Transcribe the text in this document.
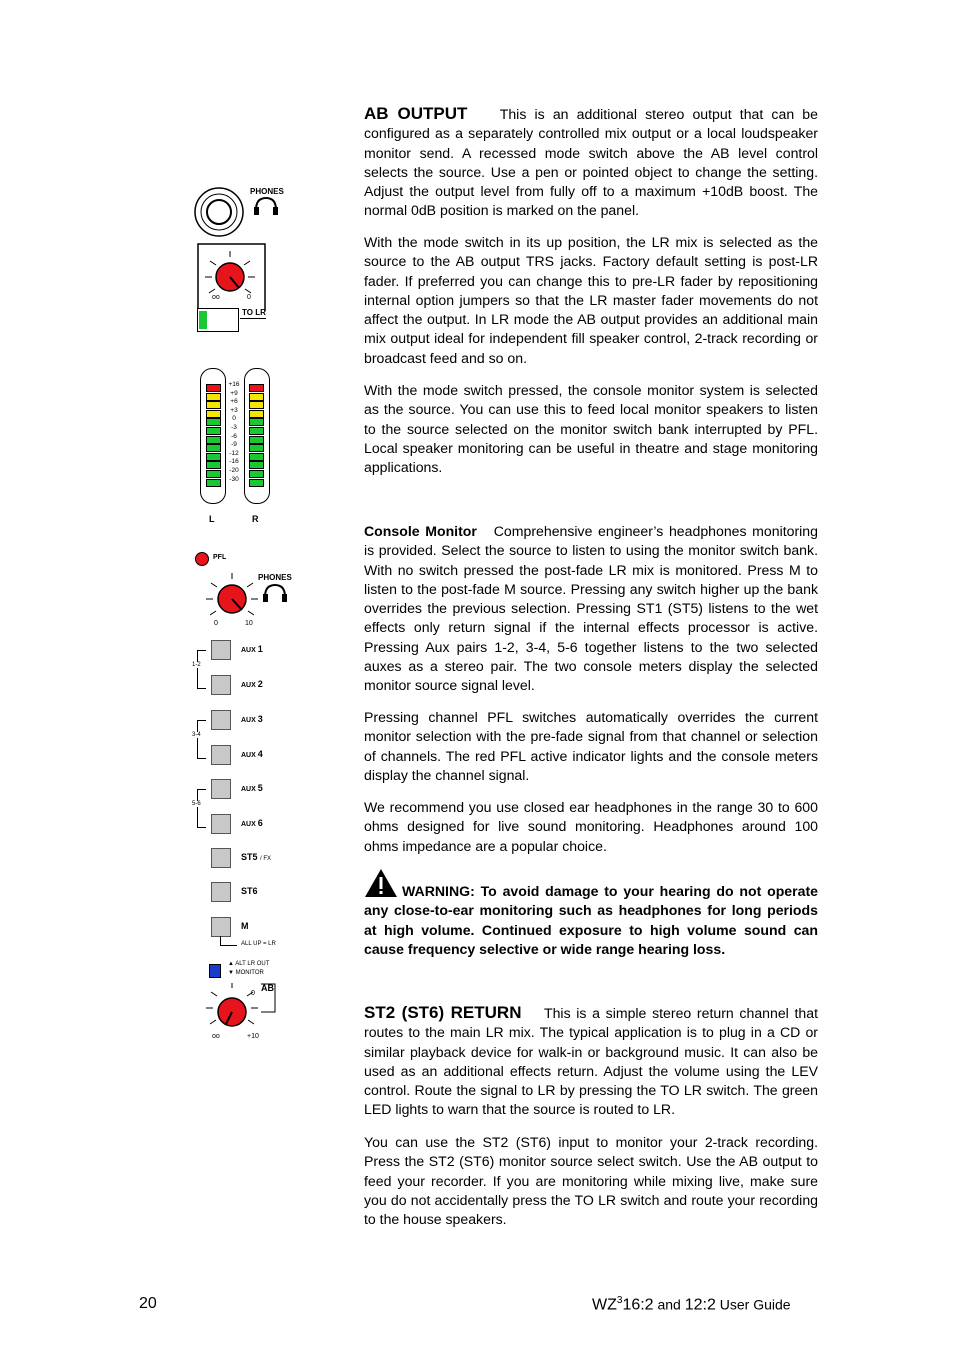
AB OUTPUT This is an additional stereo output that can be configured as a separately controlled mix output or a local loudspeaker monitor send. A recessed mode switch above the AB level control selects the source. Use a pen or pointed object to change the setting. Adjust the output level from fully off to a maximum +10dB boost. The normal 0dB position is marked on the panel.

With the mode switch in its up position, the LR mix is selected as the source to the AB output TRS jacks. Factory default setting is post-LR fader. If preferred you can change this to pre-LR fader by repositioning internal option jumpers so that the LR master fader movements do not affect the output. In LR mode the AB output provides an additional main mix output ideal for independent fill speaker control, 2-track recording or broadcast feed and so on.

With the mode switch pressed, the console monitor system is selected as the source. You can use this to feed local monitor speakers to listen to the source selected on the monitor switch bank interrupted by PFL. Local speaker monitoring can be useful in theatre and stage monitoring applications.

Console Monitor Comprehensive engineer’s headphones monitoring is provided. Select the source to listen to using the monitor switch bank. With no switch pressed the post-fade LR mix is monitored. Press M to listen to the post-fade M source. Pressing any switch higher up the bank overrides the previous selection. Pressing ST1 (ST5) listens to the wet effects only return signal if the internal effects processor is active. Pressing Aux pairs 1-2, 3-4, 5-6 together listens to the two selected auxes as a stereo pair. The two console meters display the selected monitor source signal level.

Pressing channel PFL switches automatically overrides the current monitor selection with the pre-fade signal from that channel or selection of channels. The red PFL active indicator lights and the console meters display the channel signal.

We recommend you use closed ear headphones in the range 30 to 600 ohms designed for live sound monitoring. Headphones around 100 ohms impedance are a popular choice.

WARNING: To avoid damage to your hearing do not operate any close-to-ear monitoring such as headphones for long periods at high volume. Continued exposure to high volume sound can cause frequency selective or wide range hearing loss.

ST2 (ST6) RETURN This is a simple stereo return channel that routes to the main LR mix. The typical application is to plug in a CD or similar playback device for walk-in or background music. It can also be used as an additional effects return. Adjust the volume using the LEV control. Route the signal to LR by pressing the TO LR switch. The green LED lights to warn that the source is routed to LR.

You can use the ST2 (ST6) input to monitor your 2-track recording. Press the ST2 (ST6) monitor source select switch. Use the AB output to feed your recorder. If you are monitoring while mixing live, make sure you do not accidentally press the TO LR switch and route your recording to the house speakers.

20	$WZ^316:2$ and 12:2 User Guide
PHONES
oo	0
TO LR
+16
+9
+6
+3
0
-3
-6
-9
-12
-16
-20
-30
L	R
PFL
PHONES
0	10
AUX 1
AUX 2
AUX 3
AUX 4
AUX 5
AUX 6
1-2
3-4
5-6
ST5 / FX
ST6
M
ALL UP = LR
▲ ALT LR OUT
▼ MONITOR
AB
0
oo	+10
